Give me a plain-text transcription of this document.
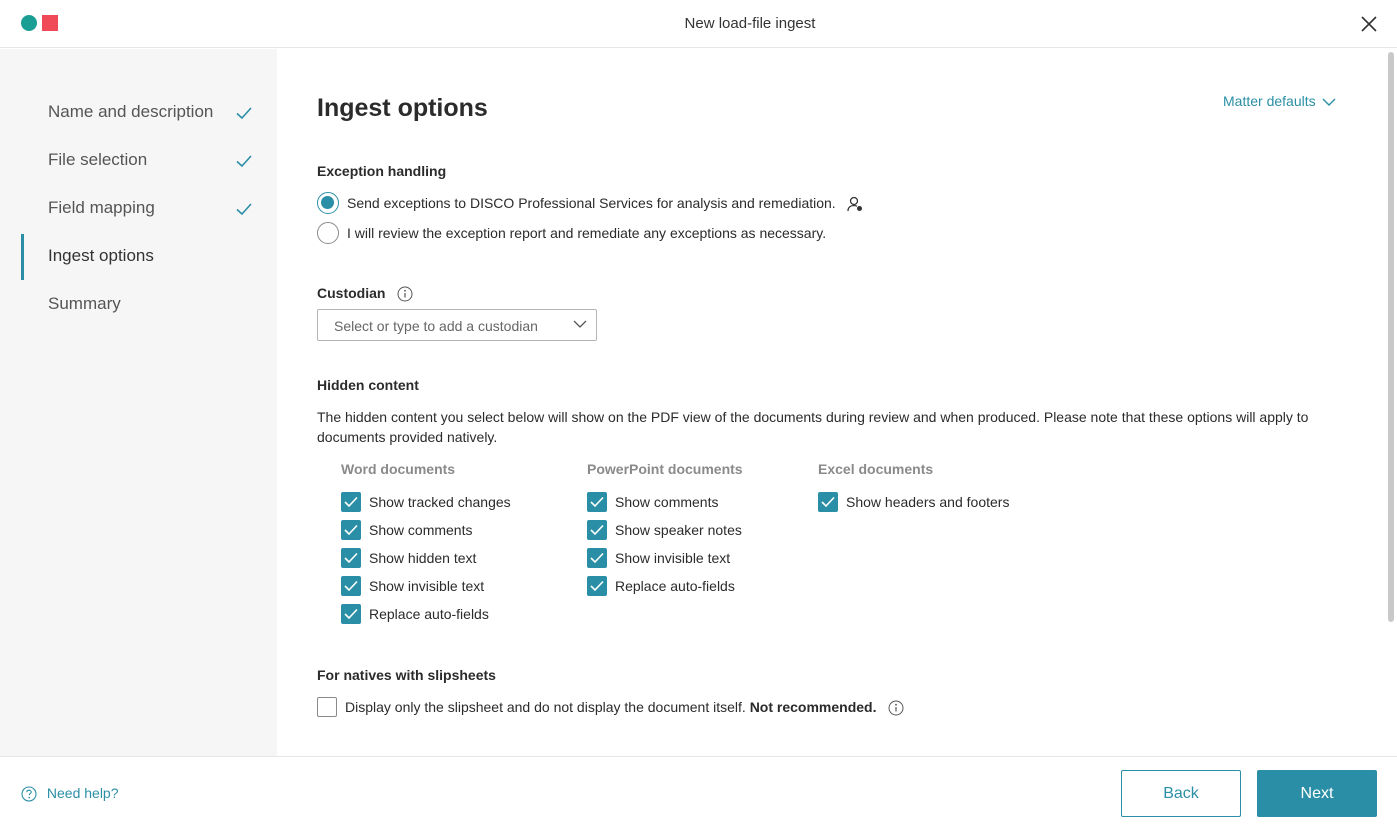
New load-file ingest
Name and description
File selection
Field mapping
Ingest options
Summary
Ingest options	Matter defaults
Exception handling
Send exceptions to DISCO Professional Services for analysis and remediation.
I will review the exception report and remediate any exceptions as necessary.
Custodian
Select or type to add a custodian
Hidden content
The hidden content you select below will show on the PDF view of the documents during review and when produced. Please note that these options will apply to documents provided natively.
Word documents
Show tracked changes
Show comments
Show hidden text
Show invisible text
Replace auto-fields
PowerPoint documents
Show comments
Show speaker notes
Show invisible text
Replace auto-fields
Excel documents
Show headers and footers
For natives with slipsheets
Display only the slipsheet and do not display the document itself. Not recommended.
Need help?	Back	Next
